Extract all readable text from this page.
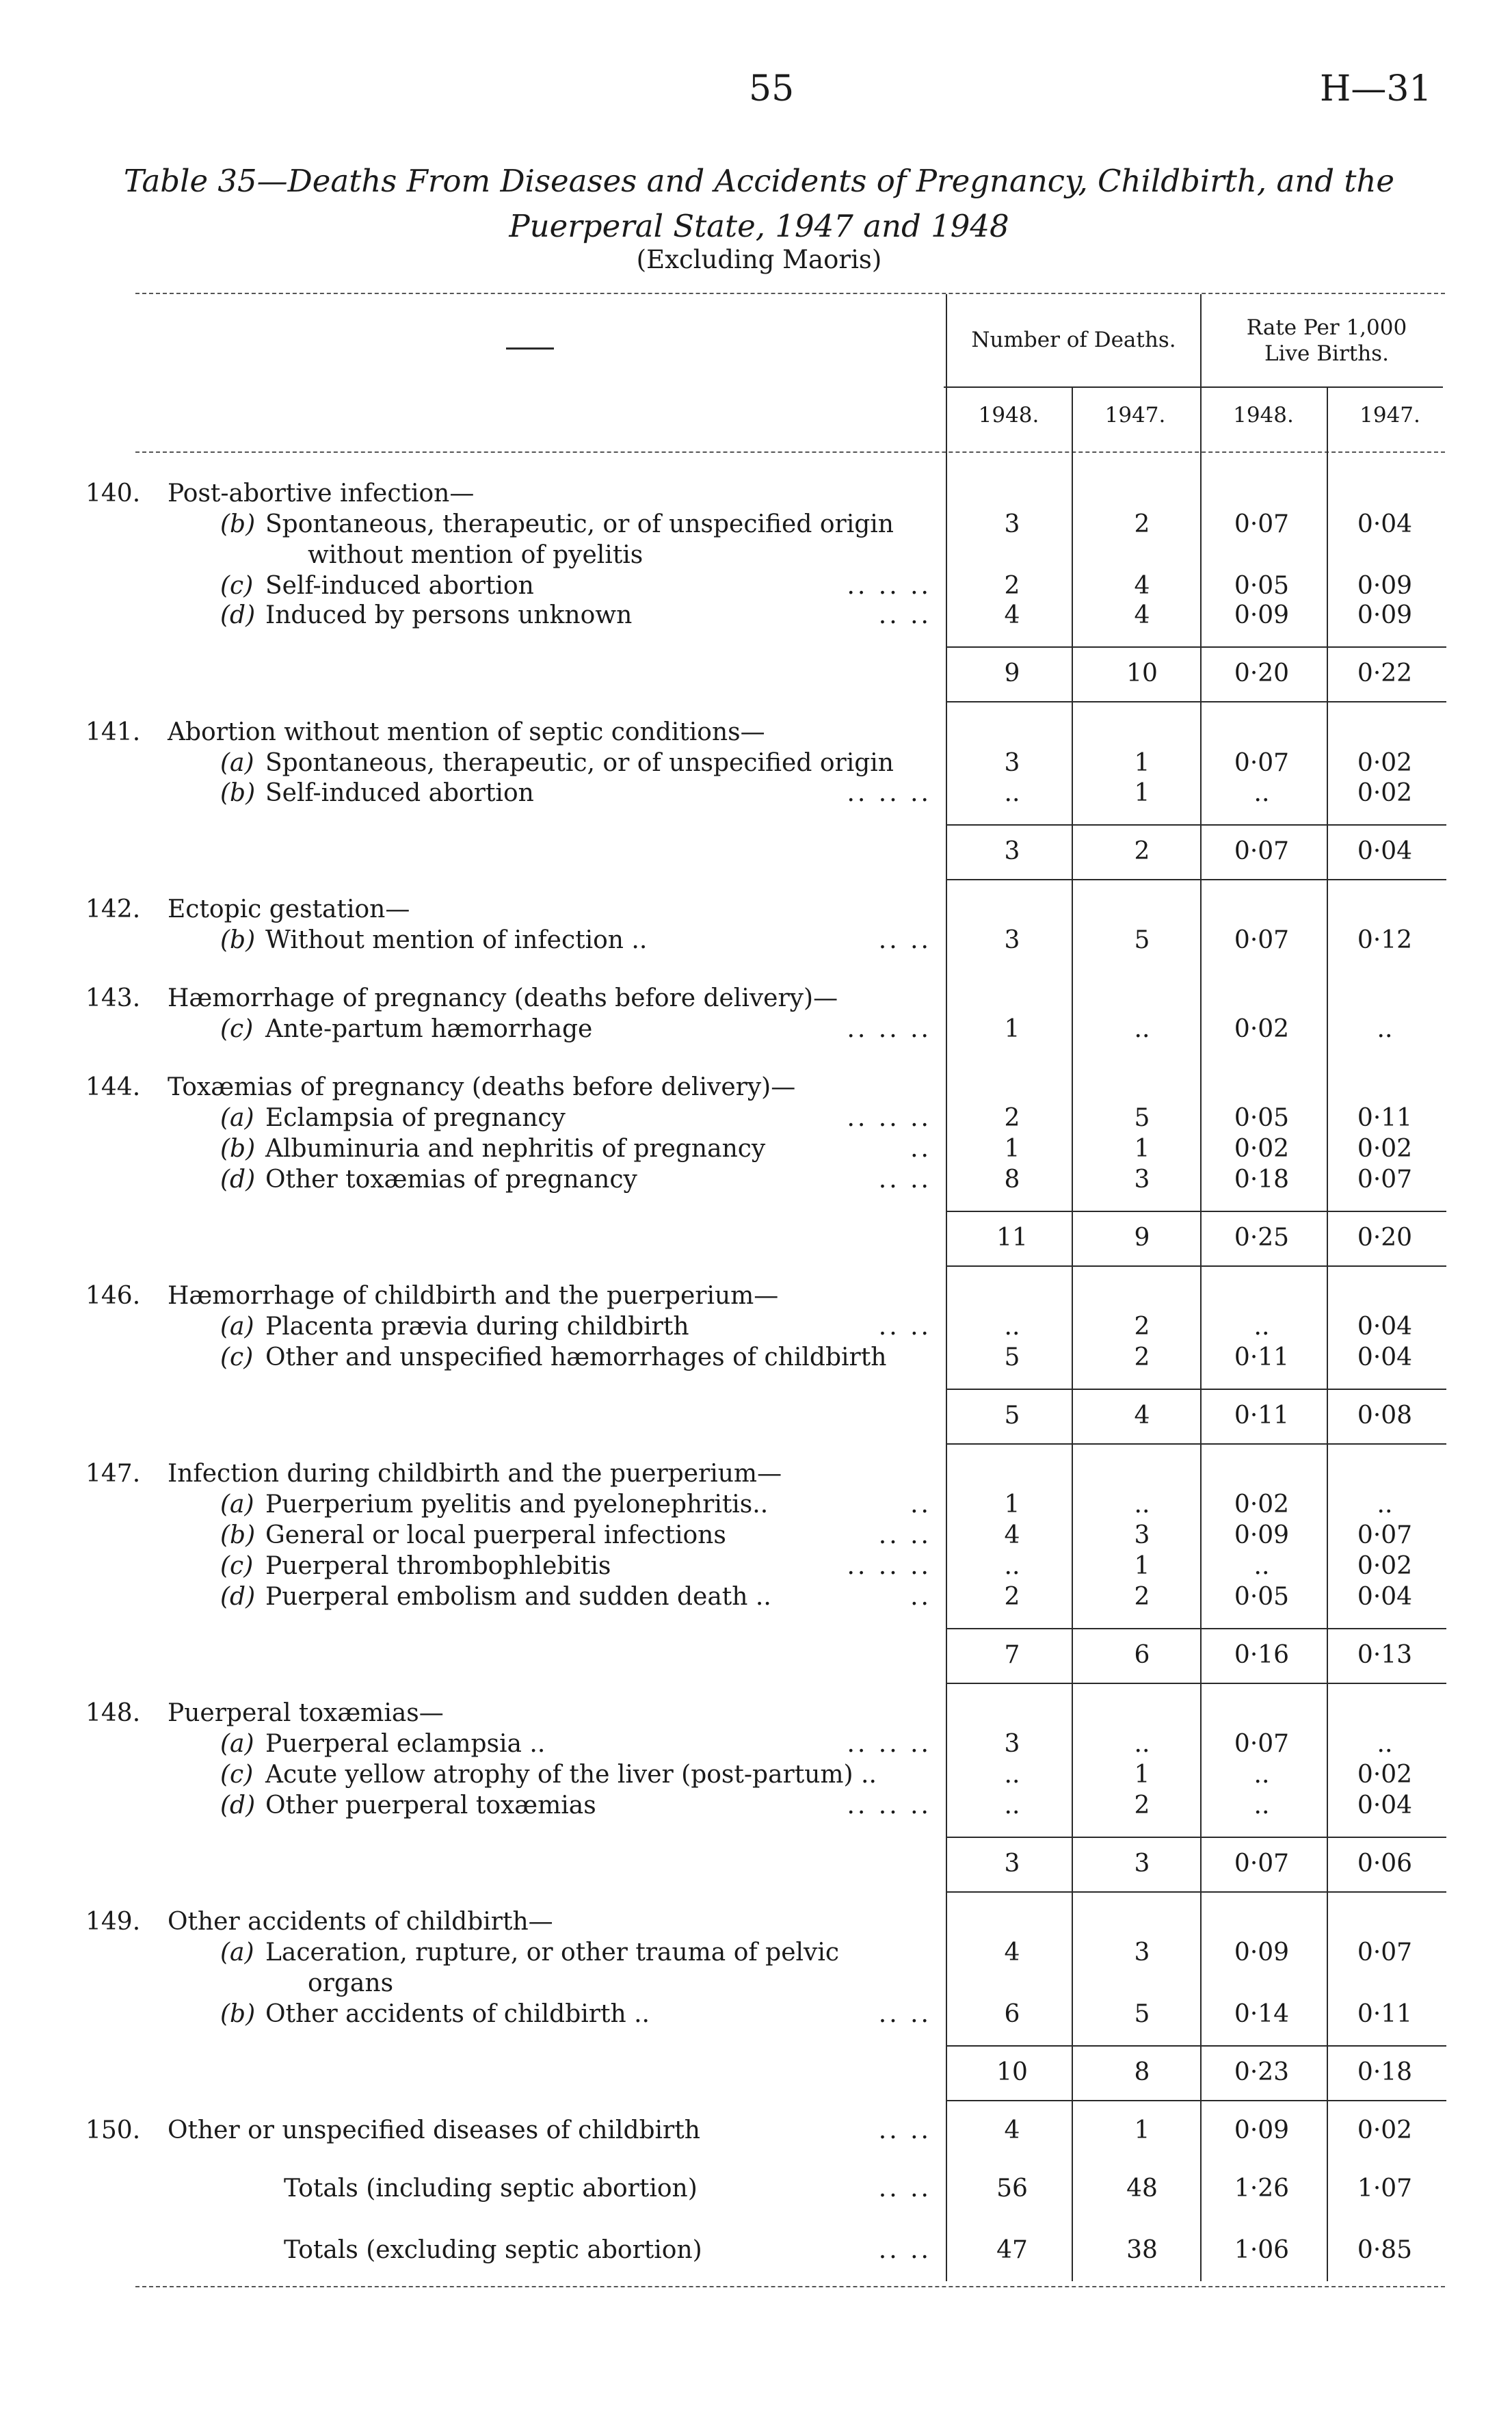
55	H—31
Table 35—Deaths From Diseases and Accidents of Pregnancy, Childbirth, and the
Puerperal State, 1947 and 1948
(Excluding Maoris)
Number of Deaths.	Rate Per 1,000
Live Births.
1948.	1947.	1948.	1947.
140. Post-abortive infection—
(b) Spontaneous, therapeutic, or of unspecified origin	3	2	0·07	0·04
without mention of pyelitis
(c) Self-induced abortion	.. .. ..	2	4	0·05	0·09
(d) Induced by persons unknown	.. ..	4	4	0·09	0·09
9	10	0·20	0·22
141. Abortion without mention of septic conditions—
(a) Spontaneous, therapeutic, or of unspecified origin	3	1	0·07	0·02
(b) Self-induced abortion	.. .. ..	..	1	..	0·02
3	2	0·07	0·04
142. Ectopic gestation—
(b) Without mention of infection ..	.. ..	3	5	0·07	0·12
143. Hæmorrhage of pregnancy (deaths before delivery)—
(c) Ante-partum hæmorrhage	.. .. ..	1	..	0·02	..
144. Toxæmias of pregnancy (deaths before delivery)—
(a) Eclampsia of pregnancy	.. .. ..	2	5	0·05	0·11
(b) Albuminuria and nephritis of pregnancy	..	1	1	0·02	0·02
(d) Other toxæmias of pregnancy	.. ..	8	3	0·18	0·07
11	9	0·25	0·20
146. Hæmorrhage of childbirth and the puerperium—
(a) Placenta prævia during childbirth	.. ..	..	2	..	0·04
(c) Other and unspecified hæmorrhages of childbirth	5	2	0·11	0·04
5	4	0·11	0·08
147. Infection during childbirth and the puerperium—
(a) Puerperium pyelitis and pyelonephritis..	..	1	..	0·02	..
(b) General or local puerperal infections	.. ..	4	3	0·09	0·07
(c) Puerperal thrombophlebitis	.. .. ..	..	1	..	0·02
(d) Puerperal embolism and sudden death ..	..	2	2	0·05	0·04
7	6	0·16	0·13
148. Puerperal toxæmias—
(a) Puerperal eclampsia ..	.. .. ..	3	..	0·07	..
(c) Acute yellow atrophy of the liver (post-partum) ..	..	1	..	0·02
(d) Other puerperal toxæmias	.. .. ..	..	2	..	0·04
3	3	0·07	0·06
149. Other accidents of childbirth—
(a) Laceration, rupture, or other trauma of pelvic	4	3	0·09	0·07
organs
(b) Other accidents of childbirth ..	.. ..	6	5	0·14	0·11
10	8	0·23	0·18
150. Other or unspecified diseases of childbirth	.. ..	4	1	0·09	0·02
Totals (including septic abortion)	.. ..	56	48	1·26	1·07
Totals (excluding septic abortion)	.. ..	47	38	1·06	0·85
